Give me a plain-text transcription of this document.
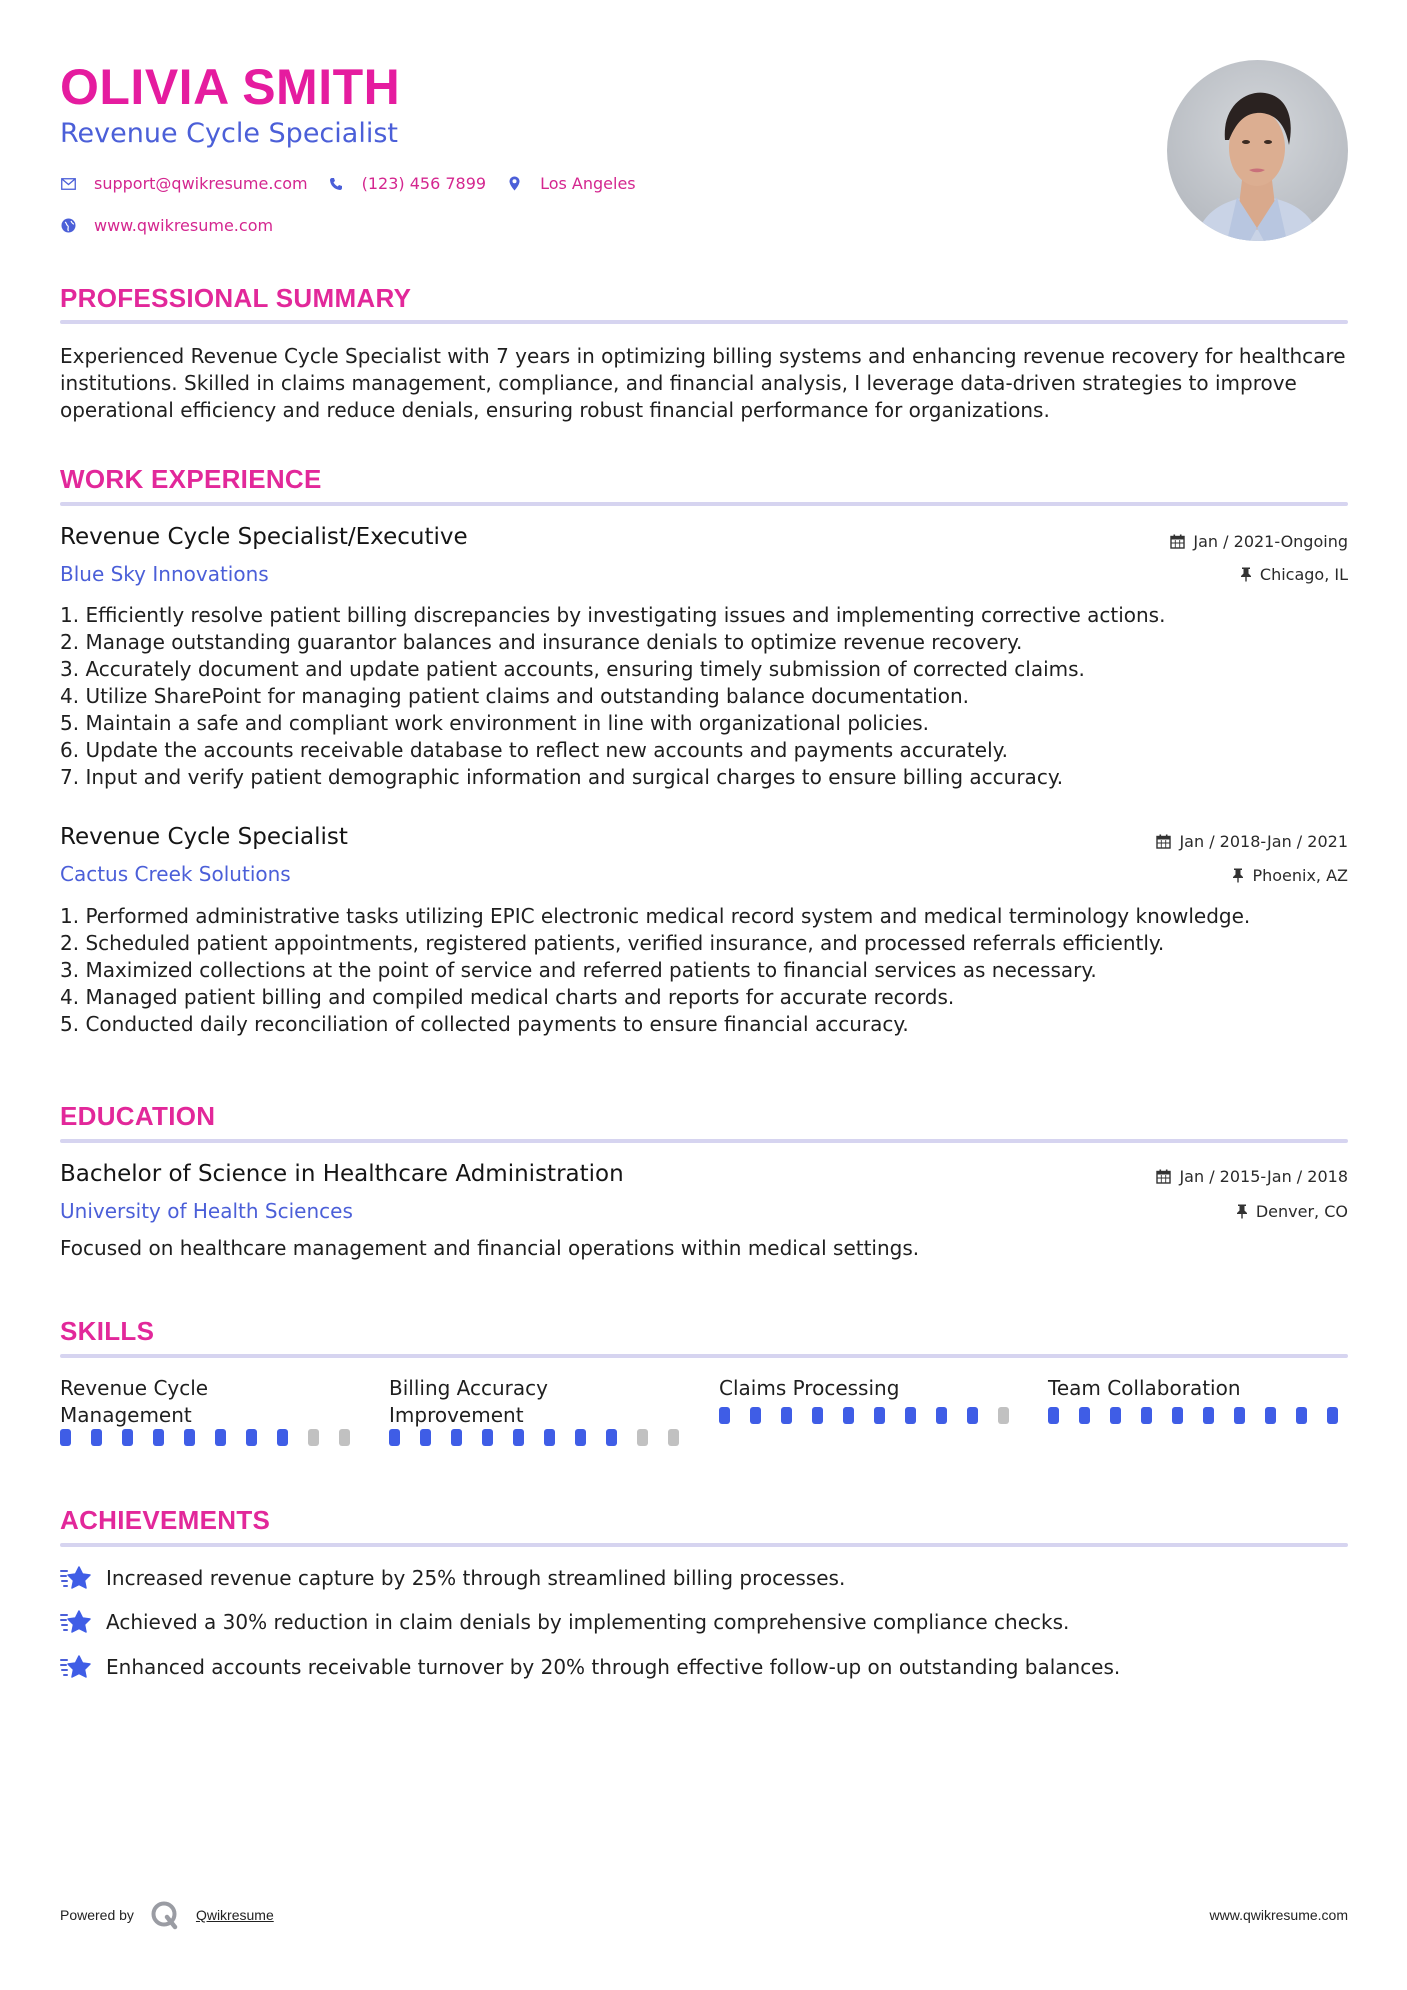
OLIVIA SMITH
Revenue Cycle Specialist
support@qwikresume.com	(123) 456 7899	Los Angeles
www.qwikresume.com
PROFESSIONAL SUMMARY
Experienced Revenue Cycle Specialist with 7 years in optimizing billing systems and enhancing revenue recovery for healthcare institutions. Skilled in claims management, compliance, and financial analysis, I leverage data-driven strategies to improve operational efficiency and reduce denials, ensuring robust financial performance for organizations.
WORK EXPERIENCE
Revenue Cycle Specialist/Executive	Jan / 2021-Ongoing
Blue Sky Innovations	Chicago, IL
1. Efficiently resolve patient billing discrepancies by investigating issues and implementing corrective actions.
2. Manage outstanding guarantor balances and insurance denials to optimize revenue recovery.
3. Accurately document and update patient accounts, ensuring timely submission of corrected claims.
4. Utilize SharePoint for managing patient claims and outstanding balance documentation.
5. Maintain a safe and compliant work environment in line with organizational policies.
6. Update the accounts receivable database to reflect new accounts and payments accurately.
7. Input and verify patient demographic information and surgical charges to ensure billing accuracy.
Revenue Cycle Specialist	Jan / 2018-Jan / 2021
Cactus Creek Solutions	Phoenix, AZ
1. Performed administrative tasks utilizing EPIC electronic medical record system and medical terminology knowledge.
2. Scheduled patient appointments, registered patients, verified insurance, and processed referrals efficiently.
3. Maximized collections at the point of service and referred patients to financial services as necessary.
4. Managed patient billing and compiled medical charts and reports for accurate records.
5. Conducted daily reconciliation of collected payments to ensure financial accuracy.
EDUCATION
Bachelor of Science in Healthcare Administration	Jan / 2015-Jan / 2018
University of Health Sciences	Denver, CO
Focused on healthcare management and financial operations within medical settings.
SKILLS
Revenue Cycle
Management
Billing Accuracy
Improvement
Claims Processing	Team Collaboration
ACHIEVEMENTS
Increased revenue capture by 25% through streamlined billing processes.
Achieved a 30% reduction in claim denials by implementing comprehensive compliance checks.
Enhanced accounts receivable turnover by 20% through effective follow-up on outstanding balances.
Powered by	Qwikresume	www.qwikresume.com
